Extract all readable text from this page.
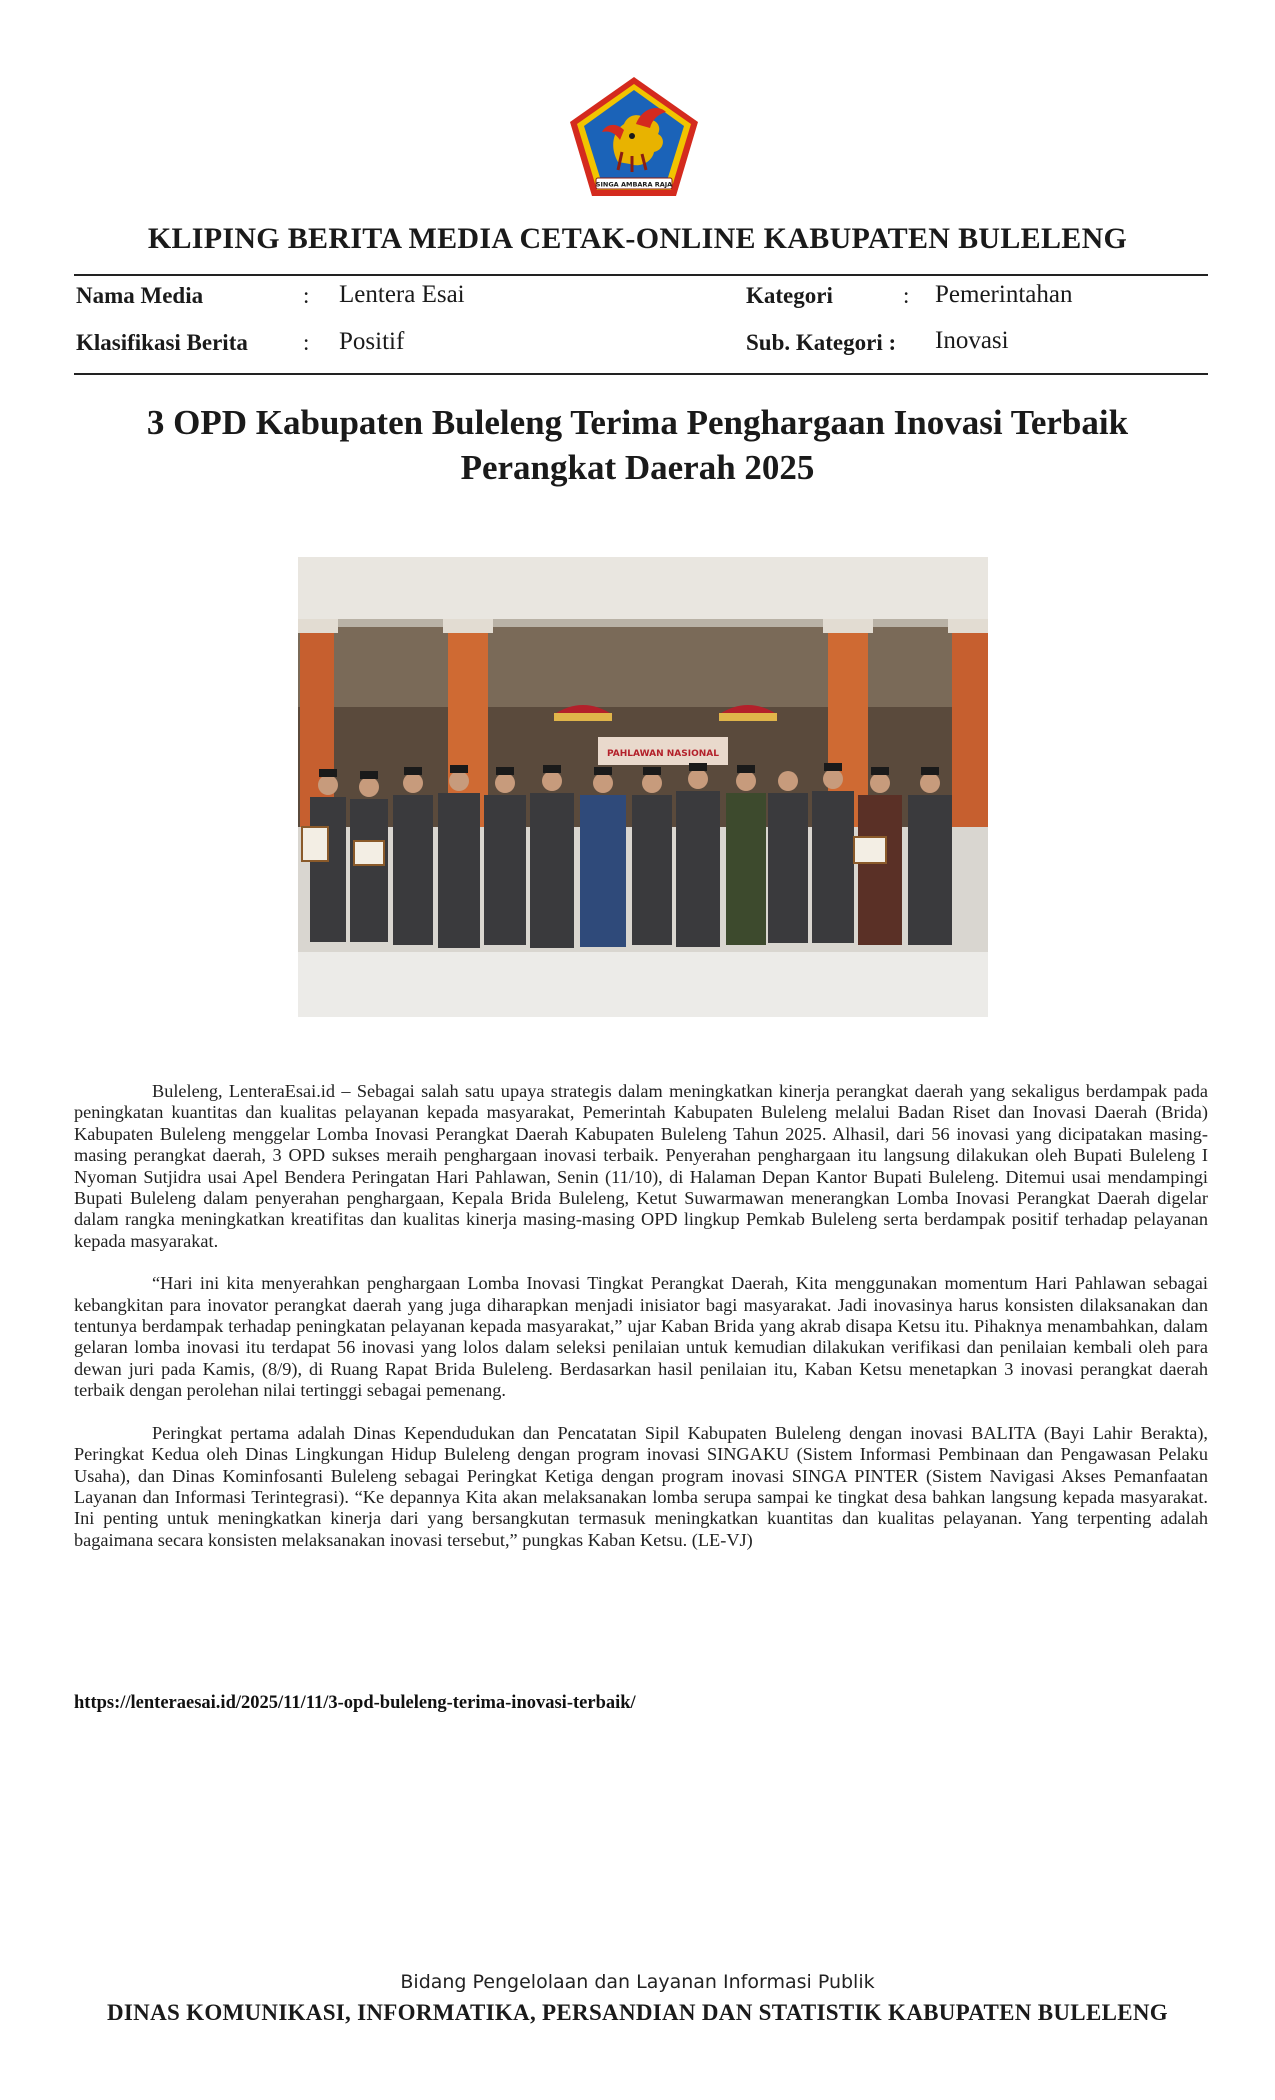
SINGA AMBARA RAJA
KLIPING BERITA MEDIA CETAK-ONLINE KABUPATEN BULELENG
Nama Media	: Lentera Esai
Klasifikasi Berita : Positif
Kategori	: Pemerintahan
Sub. Kategori : Inovasi
3 OPD Kabupaten Buleleng Terima Penghargaan Inovasi Terbaik Perangkat Daerah 2025
PAHLAWAN NASIONAL

Buleleng, LenteraEsai.id – Sebagai salah satu upaya strategis dalam meningkatkan kinerja perangkat daerah yang sekaligus berdampak pada peningkatan kuantitas dan kualitas pelayanan kepada masyarakat, Pemerintah Kabupaten Buleleng melalui Badan Riset dan Inovasi Daerah (Brida) Kabupaten Buleleng menggelar Lomba Inovasi Perangkat Daerah Kabupaten Buleleng Tahun 2025. Alhasil, dari 56 inovasi yang dicipatakan masing-masing perangkat daerah, 3 OPD sukses meraih penghargaan inovasi terbaik. Penyerahan penghargaan itu langsung dilakukan oleh Bupati Buleleng I Nyoman Sutjidra usai Apel Bendera Peringatan Hari Pahlawan, Senin (11/10), di Halaman Depan Kantor Bupati Buleleng. Ditemui usai mendampingi Bupati Buleleng dalam penyerahan penghargaan, Kepala Brida Buleleng, Ketut Suwarmawan menerangkan Lomba Inovasi Perangkat Daerah digelar dalam rangka meningkatkan kreatifitas dan kualitas kinerja masing-masing OPD lingkup Pemkab Buleleng serta berdampak positif terhadap pelayanan kepada masyarakat.

“Hari ini kita menyerahkan penghargaan Lomba Inovasi Tingkat Perangkat Daerah, Kita menggunakan momentum Hari Pahlawan sebagai kebangkitan para inovator perangkat daerah yang juga diharapkan menjadi inisiator bagi masyarakat. Jadi inovasinya harus konsisten dilaksanakan dan tentunya berdampak terhadap peningkatan pelayanan kepada masyarakat,” ujar Kaban Brida yang akrab disapa Ketsu itu. Pihaknya menambahkan, dalam gelaran lomba inovasi itu terdapat 56 inovasi yang lolos dalam seleksi penilaian untuk kemudian dilakukan verifikasi dan penilaian kembali oleh para dewan juri pada Kamis, (8/9), di Ruang Rapat Brida Buleleng. Berdasarkan hasil penilaian itu, Kaban Ketsu menetapkan 3 inovasi perangkat daerah terbaik dengan perolehan nilai tertinggi sebagai pemenang.

Peringkat pertama adalah Dinas Kependudukan dan Pencatatan Sipil Kabupaten Buleleng dengan inovasi BALITA (Bayi Lahir Berakta), Peringkat Kedua oleh Dinas Lingkungan Hidup Buleleng dengan program inovasi SINGAKU (Sistem Informasi Pembinaan dan Pengawasan Pelaku Usaha), dan Dinas Kominfosanti Buleleng sebagai Peringkat Ketiga dengan program inovasi SINGA PINTER (Sistem Navigasi Akses Pemanfaatan Layanan dan Informasi Terintegrasi). “Ke depannya Kita akan melaksanakan lomba serupa sampai ke tingkat desa bahkan langsung kepada masyarakat. Ini penting untuk meningkatkan kinerja dari yang bersangkutan termasuk meningkatkan kuantitas dan kualitas pelayanan. Yang terpenting adalah bagaimana secara konsisten melaksanakan inovasi tersebut,” pungkas Kaban Ketsu. (LE-VJ)

https://lenteraesai.id/2025/11/11/3-opd-buleleng-terima-inovasi-terbaik/
Bidang Pengelolaan dan Layanan Informasi Publik
DINAS KOMUNIKASI, INFORMATIKA, PERSANDIAN DAN STATISTIK KABUPATEN BULELENG
